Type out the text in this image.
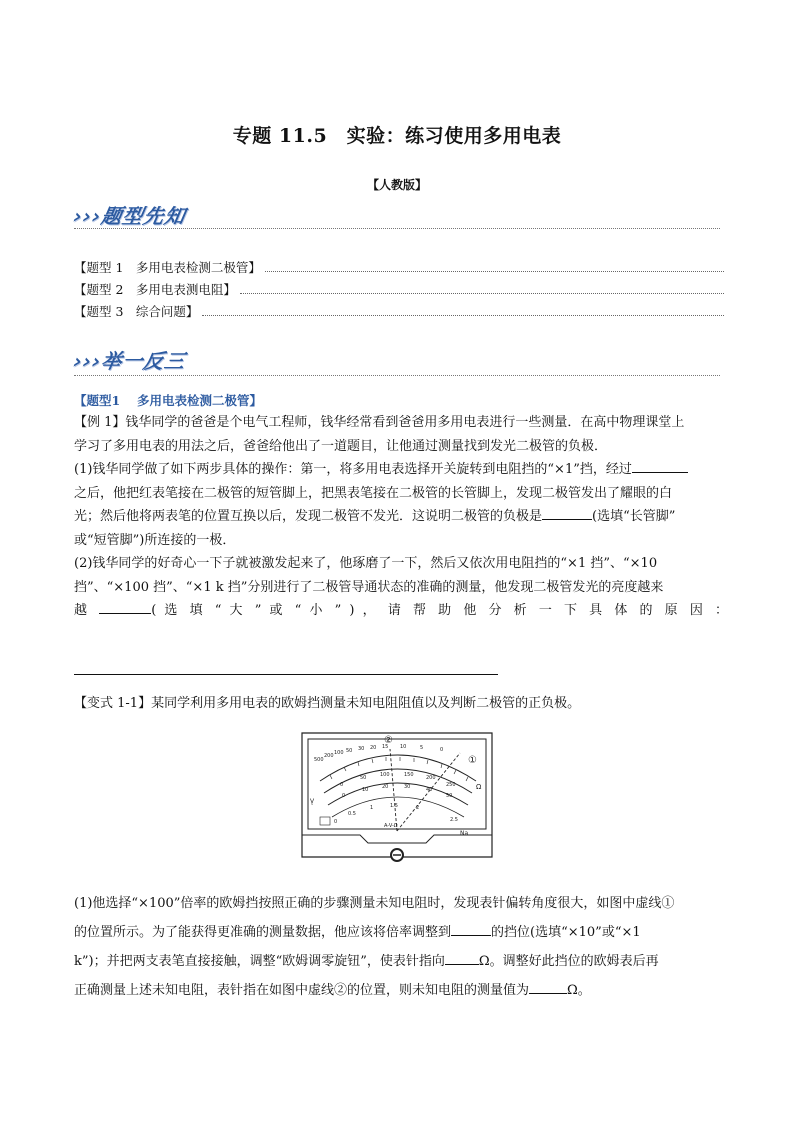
专题 11.5　实验：练习使用多用电表
【人教版】
›››题型先知
【题型 1　多用电表检测二极管】
【题型 2　多用电表测电阻】
【题型 3　综合问题】
›››举一反三
【题型1　 多用电表检测二极管】
【例 1】钱华同学的爸爸是个电气工程师，钱华经常看到爸爸用多用电表进行一些测量．在高中物理课堂上
学习了多用电表的用法之后，爸爸给他出了一道题目，让他通过测量找到发光二极管的负极．
(1)钱华同学做了如下两步具体的操作：第一，将多用电表选择开关旋转到电阻挡的“×1”挡，经过
之后，他把红表笔接在二极管的短管脚上，把黑表笔接在二极管的长管脚上，发现二极管发出了耀眼的白
光；然后他将两表笔的位置互换以后，发现二极管不发光．这说明二极管的负极是	(选填“长管脚”
或“短管脚”)所连接的一极．
(2)钱华同学的好奇心一下子就被激发起来了，他琢磨了一下，然后又依次用电阻挡的“×1 挡”、“×10
挡”、“×100 挡”、“×1 k 挡”分别进行了二极管导通状态的准确的测量，他发现二极管发光的亮度越来
越	( 选 填 “ 大 ” 或 “ 小 ” ) ， 请 帮 助 他 分 析 一 下 具 体 的 原 因 ：
【变式 1-1】某同学利用多用电表的欧姆挡测量未知电阻阻值以及判断二极管的正负极。
500
200 100 50 30 20 15 10	5	0
0
50	100	150 200
250
0
10	20	30	40
50
0
0.5
1	1.5	2
2.5
②
①
Ω
V̰
Na
A-V-Ω
(1)他选择“×100”倍率的欧姆挡按照正确的步骤测量未知电阻时，发现表针偏转角度很大，如图中虚线①
的位置所示。为了能获得更准确的测量数据，他应该将倍率调整到	的挡位(选填“×10”或“×1
k”)；并把两支表笔直接接触，调整“欧姆调零旋钮”，使表针指向	Ω。调整好此挡位的欧姆表后再
正确测量上述未知电阻，表针指在如图中虚线②的位置，则未知电阻的测量值为	Ω。
